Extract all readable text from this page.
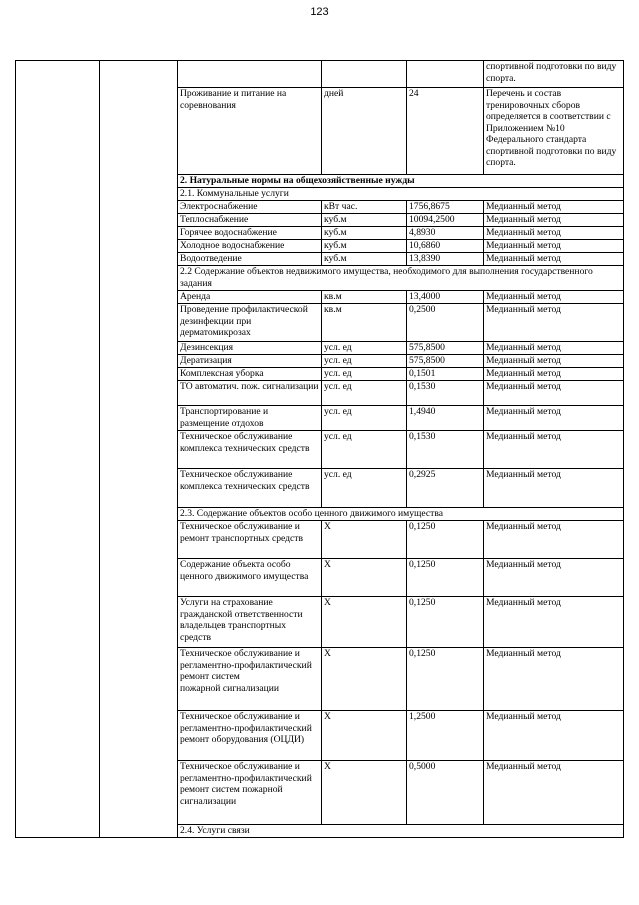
123
					спортивной подготовки по виду спорта.
		Проживание и питание на соревнования	дней	24	Перечень и состав тренировочных сборов определяется в соответствии с Приложением №10 Федерального стандарта спортивной подготовки по виду спорта.
		2. Натуральные нормы на общехозяйственные нужды			
		2.1. Коммунальные услуги			
		Электроснабжение	кВт час.	1756,8675	Медианный метод
		Теплоснабжение	куб.м	10094,2500	Медианный метод
		Горячее водоснабжение	куб.м	4,8930	Медианный метод
		Холодное водоснабжение	куб.м	10,6860	Медианный метод
		Водоотведение	куб.м	13,8390	Медианный метод
		2.2 Содержание объектов недвижимого имущества, необходимого для выполнения государственного задания			
		Аренда	кв.м	13,4000	Медианный метод
		Проведение профилактической дезинфекции при дерматомикрозах	кв.м	0,2500	Медианный метод
		Дезинсекция	усл. ед	575,8500	Медианный метод
		Дератизация	усл. ед	575,8500	Медианный метод
		Комплексная уборка	усл. ед	0,1501	Медианный метод
		ТО автоматич. пож. сигнализации	усл. ед	0,1530	Медианный метод
		Транспортирование и размещение отдохов	усл. ед	1,4940	Медианный метод
		Техническое обслуживание комплекса технических средств	усл. ед	0,1530	Медианный метод
		Техническое обслуживание комплекса технических средств	усл. ед	0,2925	Медианный метод
		2.3. Содержание объектов особо ценного движимого имущества			
		Техническое обслуживание и ремонт транспортных средств	X	0,1250	Медианный метод
		Содержание объекта особо ценного движимого имущества	X	0,1250	Медианный метод
		Услуги на страхование гражданской ответственности владельцев транспортных средств	X	0,1250	Медианный метод
		Техническое обслуживание и регламентно-профилактический ремонт систем
пожарной сигнализации	X	0,1250	Медианный метод
		Техническое обслуживание и регламентно-профилактический ремонт оборудования (ОЦДИ)	X	1,2500	Медианный метод
		Техническое обслуживание и регламентно-профилактический ремонт систем пожарной сигнализации	X	0,5000	Медианный метод
		2.4. Услуги связи			
